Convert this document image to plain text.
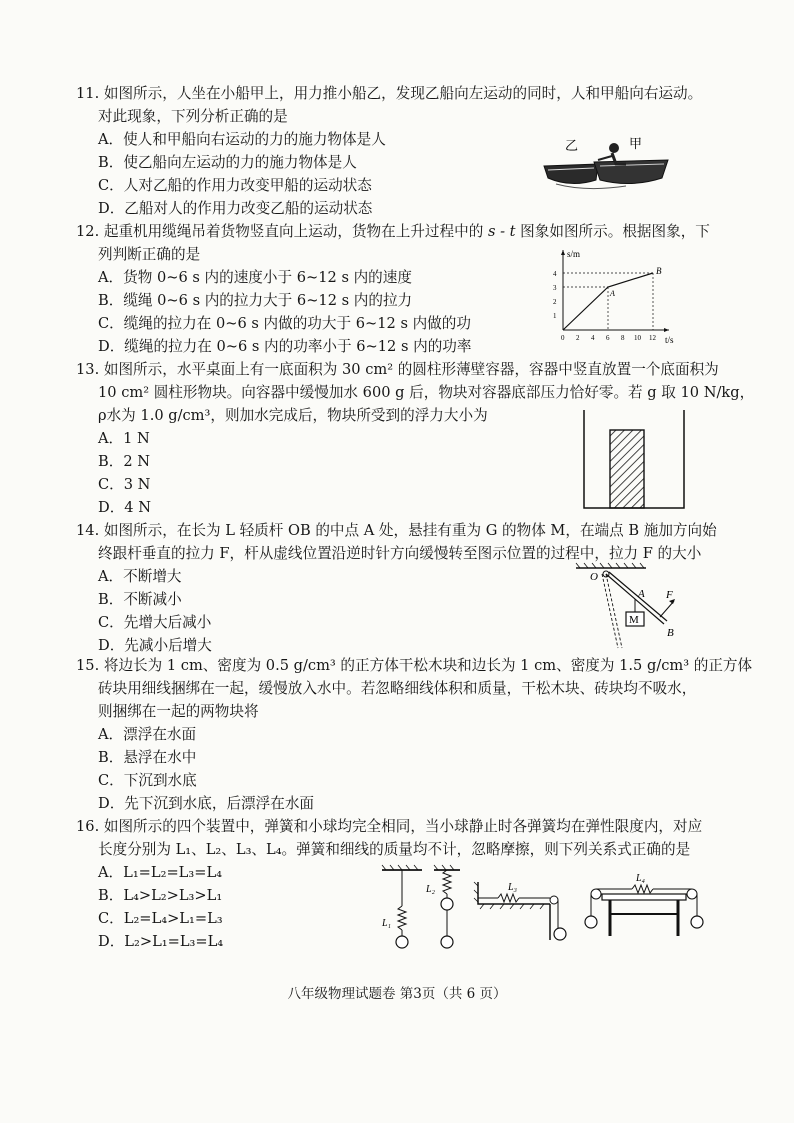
11. 如图所示，人坐在小船甲上，用力推小船乙，发现乙船向左运动的同时，人和甲船向右运动。
对此现象，下列分析正确的是
A．使人和甲船向右运动的力的施力物体是人
B．使乙船向左运动的力的施力物体是人
C．人对乙船的作用力改变甲船的运动状态
D．乙船对人的作用力改变乙船的运动状态
乙	甲
12. 起重机用缆绳吊着货物竖直向上运动，货物在上升过程中的 s - t 图象如图所示。根据图象，下
列判断正确的是
A．货物 0~6 s 内的速度小于 6~12 s 内的速度
B．缆绳 0~6 s 内的拉力大于 6~12 s 内的拉力
C．缆绳的拉力在 0~6 s 内做的功大于 6~12 s 内做的功
D．缆绳的拉力在 0~6 s 内的功率小于 6~12 s 内的功率
s/m
t/s
4
3
2
1
0 2 4 6 8 10 12
A
B
13. 如图所示，水平桌面上有一底面积为 30 cm² 的圆柱形薄壁容器，容器中竖直放置一个底面积为
10 cm² 圆柱形物块。向容器中缓慢加水 600 g 后，物块对容器底部压力恰好零。若 g 取 10 N/kg，
ρ水为 1.0 g/cm³，则加水完成后，物块所受到的浮力大小为
A．1 N
B．2 N
C．3 N
D．4 N
14. 如图所示，在长为 L 轻质杆 OB 的中点 A 处，悬挂有重为 G 的物体 M，在端点 B 施加方向始
终跟杆垂直的拉力 F，杆从虚线位置沿逆时针方向缓慢转至图示位置的过程中，拉力 F 的大小
A．不断增大
B．不断减小
C．先增大后减小
D．先减小后增大
O
M
A F
B
15. 将边长为 1 cm、密度为 0.5 g/cm³ 的正方体干松木块和边长为 1 cm、密度为 1.5 g/cm³ 的正方体
砖块用细线捆绑在一起，缓慢放入水中。若忽略细线体积和质量，干松木块、砖块均不吸水，
则捆绑在一起的两物块将
A．漂浮在水面
B．悬浮在水中
C．下沉到水底
D．先下沉到水底，后漂浮在水面
16. 如图所示的四个装置中，弹簧和小球均完全相同，当小球静止时各弹簧均在弹性限度内，对应
长度分别为 L₁、L₂、L₃、L₄。弹簧和细线的质量均不计，忽略摩擦，则下列关系式正确的是
A．L₁=L₂=L₃=L₄
B．L₄>L₂>L₃>L₁
C．L₂=L₄>L₁=L₃
D．L₂>L₁=L₃=L₄
L₁
L₂	L₃
L₄
八年级物理试题卷 第3页（共 6 页）
